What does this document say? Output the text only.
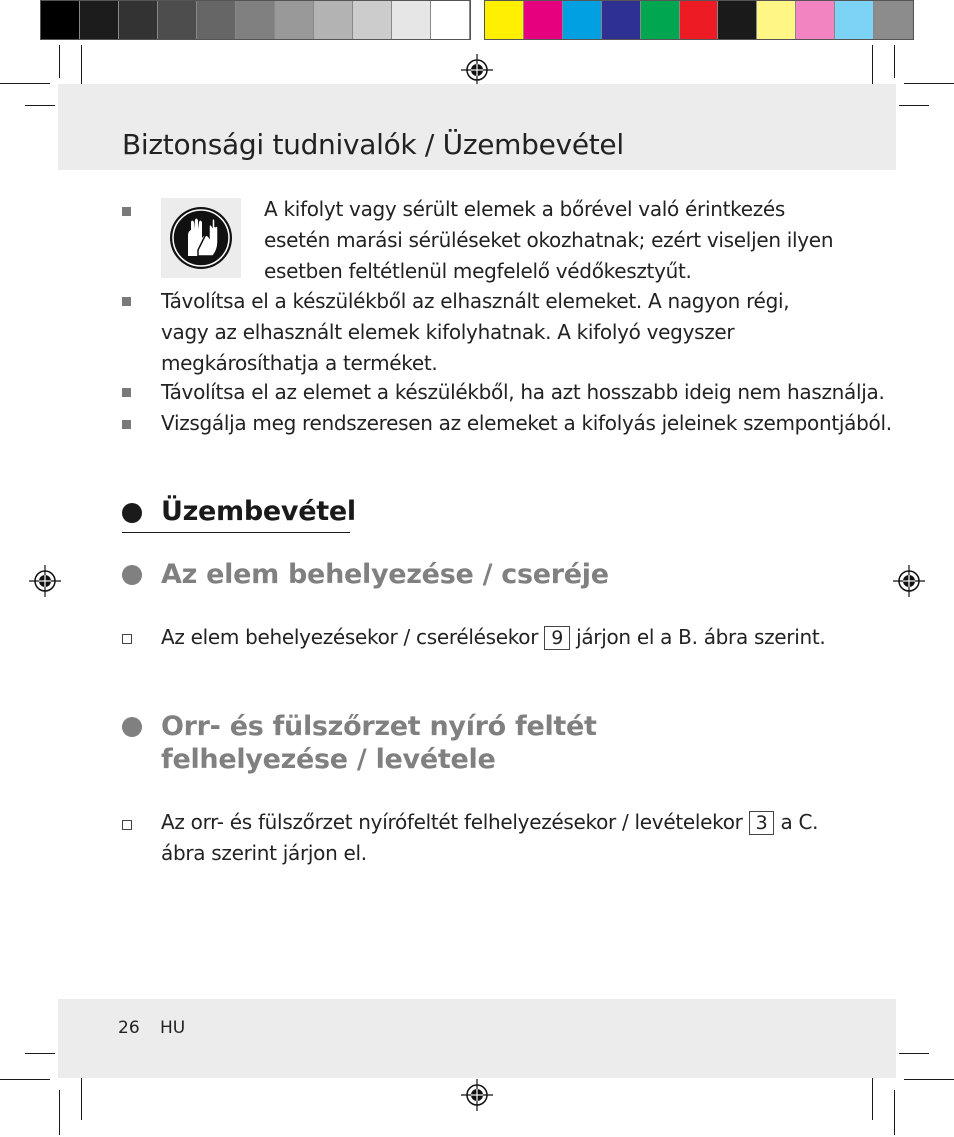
Biztonsági tudnivalók / Üzembevétel
A kifolyt vagy sérült elemek a bőrével való érintkezés esetén marási sérüléseket okozhatnak; ezért viseljen ilyen esetben feltétlenül megfelelő védőkesztyűt.
Távolítsa el a készülékből az elhasznált elemeket. A nagyon régi, vagy az elhasznált elemek kifolyhatnak. A kifolyó vegyszer megkárosíthatja a terméket.
Távolítsa el az elemet a készülékből, ha azt hosszabb ideig nem használja.
Vizsgálja meg rendszeresen az elemeket a kifolyás jeleinek szempontjából.
Üzembevétel
Az elem behelyezése / cseréje
Az elem behelyezésekor / cserélésekor 9 járjon el a B. ábra szerint.
Orr- és fülszőrzet nyíró feltét
felhelyezése / levétele
Az orr- és fülszőrzet nyírófeltét felhelyezésekor / levételekor 3 a C.
ábra szerint járjon el.
26 HU
